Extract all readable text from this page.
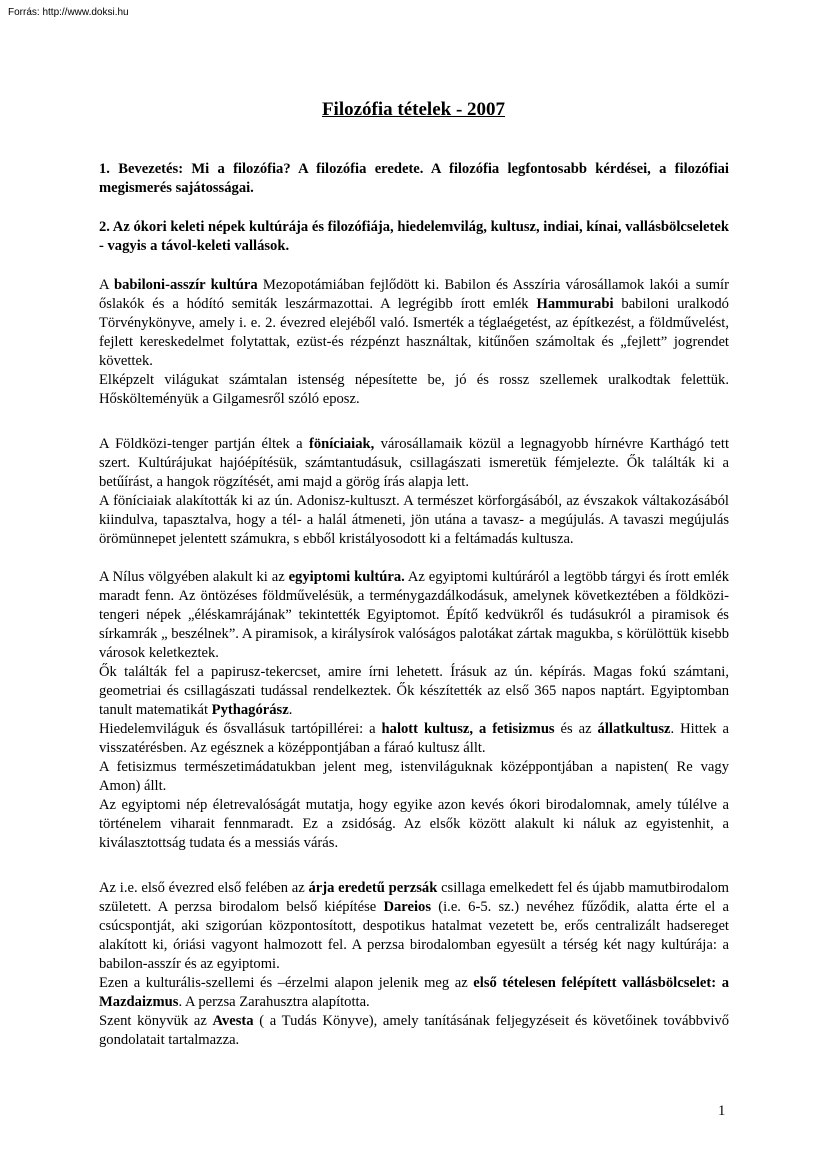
Forrás: http://www.doksi.hu
Filozófia tételek - 2007

1. Bevezetés: Mi a filozófia? A filozófia eredete. A filozófia legfontosabb kérdései, a filozófiai megismerés sajátosságai.

2. Az ókori keleti népek kultúrája és filozófiája, hiedelemvilág, kultusz, indiai, kínai, vallásbölcseletek - vagyis a távol-keleti vallások.

A babiloni-asszír kultúra Mezopotámiában fejlődött ki. Babilon és Asszíria városállamok lakói a sumír őslakók és a hódító semiták leszármazottai. A legrégibb írott emlék Hammurabi babiloni uralkodó Törvénykönyve, amely i. e. 2. évezred elejéből való. Ismerték a téglaégetést, az építkezést, a földművelést, fejlett kereskedelmet folytattak, ezüst-és rézpénzt használtak, kitűnően számoltak és „fejlett” jogrendet követtek.

Elképzelt világukat számtalan istenség népesítette be, jó és rossz szellemek uralkodtak felettük. Hőskölteményük a Gilgamesről szóló eposz.

A Földközi-tenger partján éltek a föníciaiak, városállamaik közül a legnagyobb hírnévre Karthágó tett szert. Kultúrájukat hajóépítésük, számtantudásuk, csillagászati ismeretük fémjelezte. Ők találták ki a betűírást, a hangok rögzítését, ami majd a görög írás alapja lett.

A föníciaiak alakították ki az ún. Adonisz-kultuszt. A természet körforgásából, az évszakok váltakozásából kiindulva, tapasztalva, hogy a tél- a halál átmeneti, jön utána a tavasz- a megújulás. A tavaszi megújulás örömünnepet jelentett számukra, s ebből kristályosodott ki a feltámadás kultusza.

A Nílus völgyében alakult ki az egyiptomi kultúra. Az egyiptomi kultúráról a legtöbb tárgyi és írott emlék maradt fenn. Az öntözéses földművelésük, a terménygazdálkodásuk, amelynek következtében a földközi-tengeri népek „éléskamrájának” tekintették Egyiptomot. Építő kedvükről és tudásukról a piramisok és sírkamrák „ beszélnek”. A piramisok, a királysírok valóságos palotákat zártak magukba, s körülöttük kisebb városok keletkeztek.

Ők találták fel a papirusz-tekercset, amire írni lehetett. Írásuk az ún. képírás. Magas fokú számtani, geometriai és csillagászati tudással rendelkeztek. Ők készítették az első 365 napos naptárt. Egyiptomban tanult matematikát Pythagórász.

Hiedelemviláguk és ősvallásuk tartópillérei: a halott kultusz, a fetisizmus és az állatkultusz. Hittek a visszatérésben. Az egésznek a középpontjában a fáraó kultusz állt.

A fetisizmus természetimádatukban jelent meg, istenviláguknak középpontjában a napisten( Re vagy Amon) állt.

Az egyiptomi nép életrevalóságát mutatja, hogy egyike azon kevés ókori birodalomnak, amely túlélve a történelem viharait fennmaradt. Ez a zsidóság. Az elsők között alakult ki náluk az egyistenhit, a kiválasztottság tudata és a messiás várás.

Az i.e. első évezred első felében az árja eredetű perzsák csillaga emelkedett fel és újabb mamutbirodalom született. A perzsa birodalom belső kiépítése Dareios (i.e. 6-5. sz.) nevéhez fűződik, alatta érte el a csúcspontját, aki szigorúan központosított, despotikus hatalmat vezetett be, erős centralizált hadsereget alakított ki, óriási vagyont halmozott fel. A perzsa birodalomban egyesült a térség két nagy kultúrája: a babilon-asszír és az egyiptomi.

Ezen a kulturális-szellemi és –érzelmi alapon jelenik meg az első tételesen felépített vallásbölcselet: a Mazdaizmus. A perzsa Zarahusztra alapította.

Szent könyvük az Avesta ( a Tudás Könyve), amely tanításának feljegyzéseit és követőinek továbbvivő gondolatait tartalmazza.

1
